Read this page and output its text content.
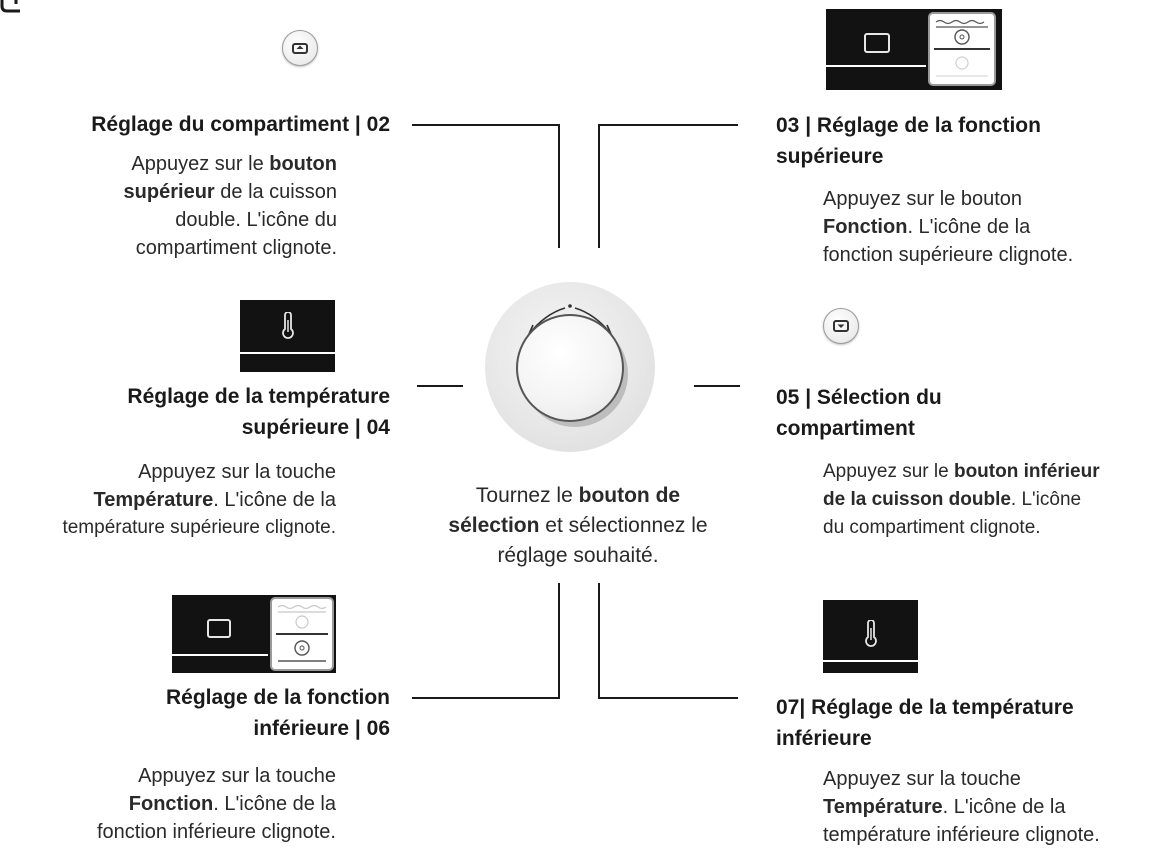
Réglage du compartiment | 02
Appuyez sur le bouton
supérieur de la cuisson
double. L'icône du
compartiment clignote.
03 | Réglage de la fonction
supérieure
Appuyez sur le bouton
Fonction. L'icône de la
fonction supérieure clignote.
Réglage de la température
supérieure | 04
Appuyez sur la touche
Température. L'icône de la
température supérieure clignote.
05 | Sélection du
compartiment
Appuyez sur le bouton inférieur
de la cuisson double. L'icône
du compartiment clignote.
Tournez le bouton de
sélection et sélectionnez le
réglage souhaité.
Réglage de la fonction
inférieure | 06
Appuyez sur la touche
Fonction. L'icône de la
fonction inférieure clignote.
07| Réglage de la température
inférieure
Appuyez sur la touche
Température. L'icône de la
température inférieure clignote.
